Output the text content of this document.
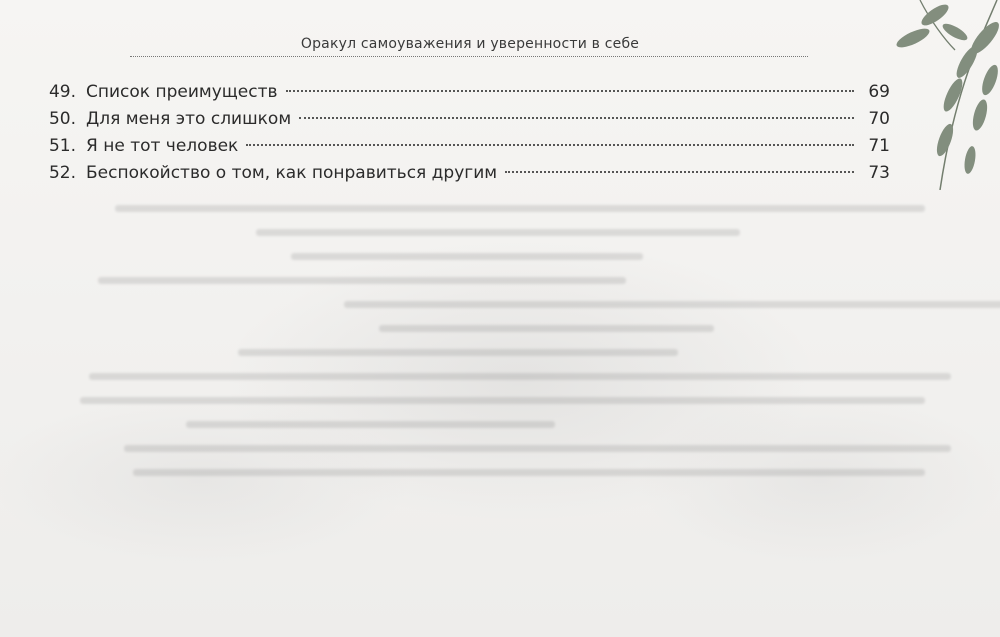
Оракул самоуважения и уверенности в себе
49. Список преимуществ	69
50. Для меня это слишком	70
51. Я не тот человек	71
52. Беспокойство о том, как понравиться другим	73
